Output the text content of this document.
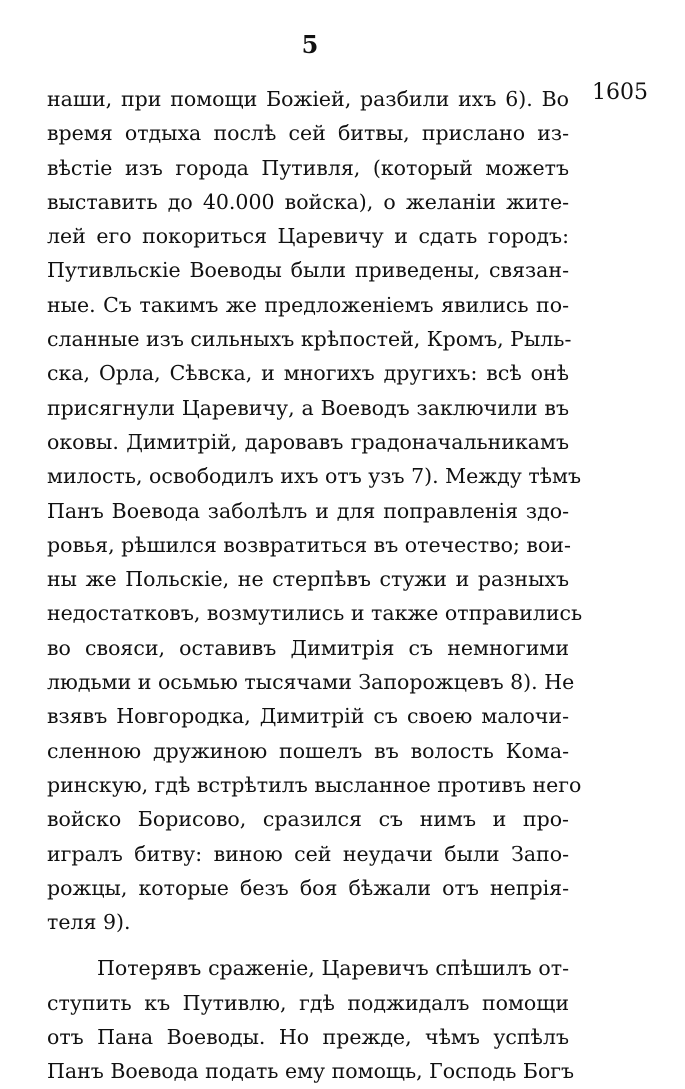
5
1605
наши, при помощи Божіей, разбили ихъ 6). Во
время отдыха послѣ сей битвы, прислано из-
вѣстіе изъ города Путивля, (который можетъ
выставить до 40.000 войска), о желаніи жите-
лей его покориться Царевичу и сдать городъ:
Путивльскіе Воеводы были приведены, связан-
ные. Съ такимъ же предложеніемъ явились по-
сланные изъ сильныхъ крѣпостей, Кромъ, Рыль-
ска, Орла, Сѣвска, и многихъ другихъ: всѣ онѣ
присягнули Царевичу, а Воеводъ заключили въ
оковы. Димитрій, даровавъ градоначальникамъ
милость, освободилъ ихъ отъ узъ 7). Между тѣмъ
Панъ Воевода заболѣлъ и для поправленія здо-
ровья, рѣшился возвратиться въ отечество; вои-
ны же Польскіе, не стерпѣвъ стужи и разныхъ
недостатковъ, возмутились и также отправились
во свояси, оставивъ Димитрія съ немногими
людьми и осьмью тысячами Запорожцевъ 8). Не
взявъ Новгородка, Димитрій съ своею малочи-
сленною дружиною пошелъ въ волость Кома-
ринскую, гдѣ встрѣтилъ высланное противъ него
войско Борисово, сразился съ нимъ и про-
игралъ битву: виною сей неудачи были Запо-
рожцы, которые безъ боя бѣжали отъ непрія-
теля 9).
Потерявъ сраженіе, Царевичъ спѣшилъ от-
ступить къ Путивлю, гдѣ поджидалъ помощи
отъ Пана Воеводы. Но прежде, чѣмъ успѣлъ
Панъ Воевода подать ему помощь, Господь Богъ
